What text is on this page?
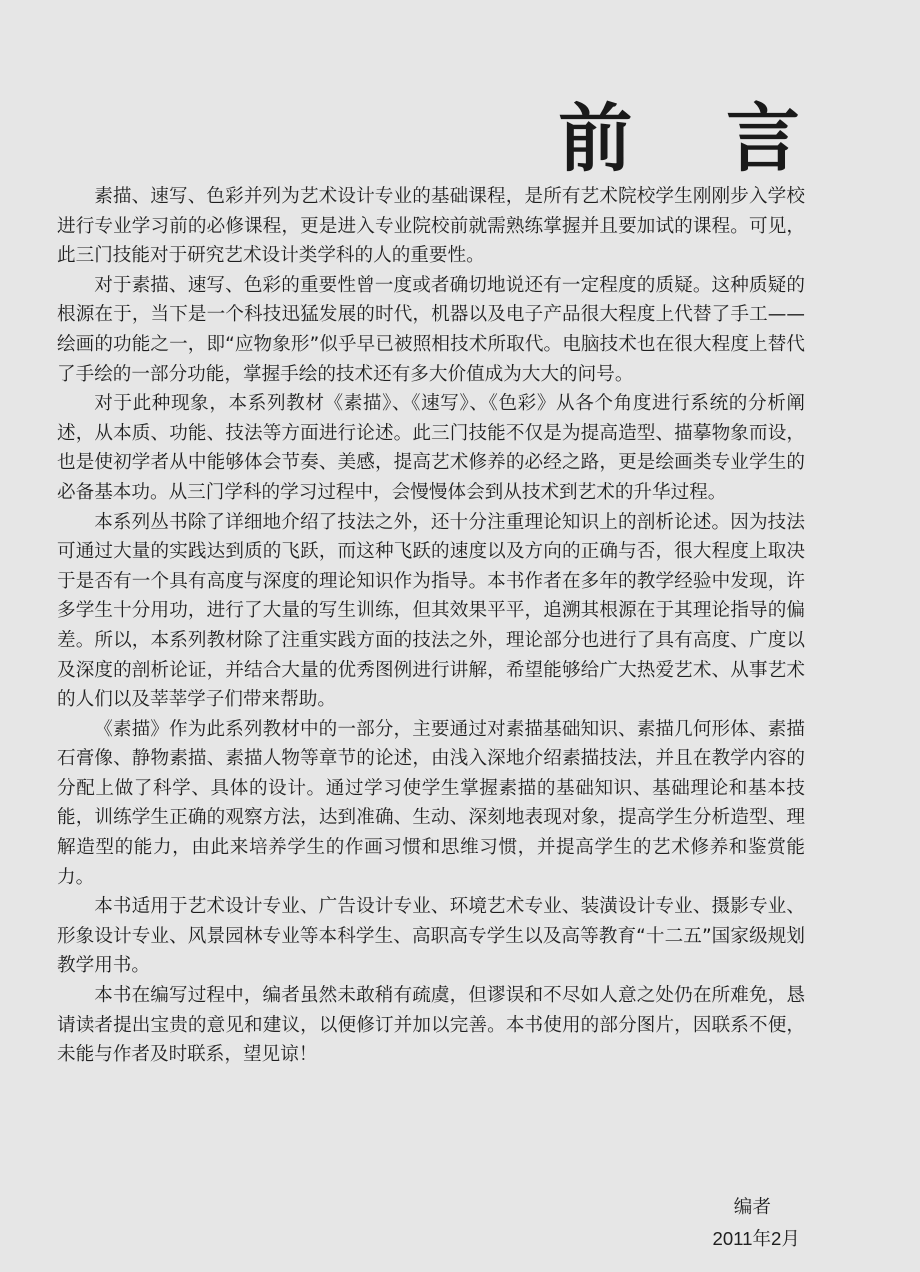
前 言

素描、速写、色彩并列为艺术设计专业的基础课程，是所有艺术院校学生刚刚步入学校进行专业学习前的必修课程，更是进入专业院校前就需熟练掌握并且要加试的课程。可见，此三门技能对于研究艺术设计类学科的人的重要性。

对于素描、速写、色彩的重要性曾一度或者确切地说还有一定程度的质疑。这种质疑的根源在于，当下是一个科技迅猛发展的时代，机器以及电子产品很大程度上代替了手工——绘画的功能之一，即“应物象形”似乎早已被照相技术所取代。电脑技术也在很大程度上替代了手绘的一部分功能，掌握手绘的技术还有多大价值成为大大的问号。

对于此种现象，本系列教材《素描》、《速写》、《色彩》从各个角度进行系统的分析阐述，从本质、功能、技法等方面进行论述。此三门技能不仅是为提高造型、描摹物象而设，也是使初学者从中能够体会节奏、美感，提高艺术修养的必经之路，更是绘画类专业学生的必备基本功。从三门学科的学习过程中，会慢慢体会到从技术到艺术的升华过程。

本系列丛书除了详细地介绍了技法之外，还十分注重理论知识上的剖析论述。因为技法可通过大量的实践达到质的飞跃，而这种飞跃的速度以及方向的正确与否，很大程度上取决于是否有一个具有高度与深度的理论知识作为指导。本书作者在多年的教学经验中发现，许多学生十分用功，进行了大量的写生训练，但其效果平平，追溯其根源在于其理论指导的偏差。所以，本系列教材除了注重实践方面的技法之外，理论部分也进行了具有高度、广度以及深度的剖析论证，并结合大量的优秀图例进行讲解，希望能够给广大热爱艺术、从事艺术的人们以及莘莘学子们带来帮助。

《素描》作为此系列教材中的一部分，主要通过对素描基础知识、素描几何形体、素描石膏像、静物素描、素描人物等章节的论述，由浅入深地介绍素描技法，并且在教学内容的分配上做了科学、具体的设计。通过学习使学生掌握素描的基础知识、基础理论和基本技能，训练学生正确的观察方法，达到准确、生动、深刻地表现对象，提高学生分析造型、理解造型的能力，由此来培养学生的作画习惯和思维习惯，并提高学生的艺术修养和鉴赏能力。

本书适用于艺术设计专业、广告设计专业、环境艺术专业、装潢设计专业、摄影专业、形象设计专业、风景园林专业等本科学生、高职高专学生以及高等教育“十二五”国家级规划教学用书。

本书在编写过程中，编者虽然未敢稍有疏虞，但谬误和不尽如人意之处仍在所难免，恳请读者提出宝贵的意见和建议，以便修订并加以完善。本书使用的部分图片，因联系不便，未能与作者及时联系，望见谅！

编者
2011年2月
